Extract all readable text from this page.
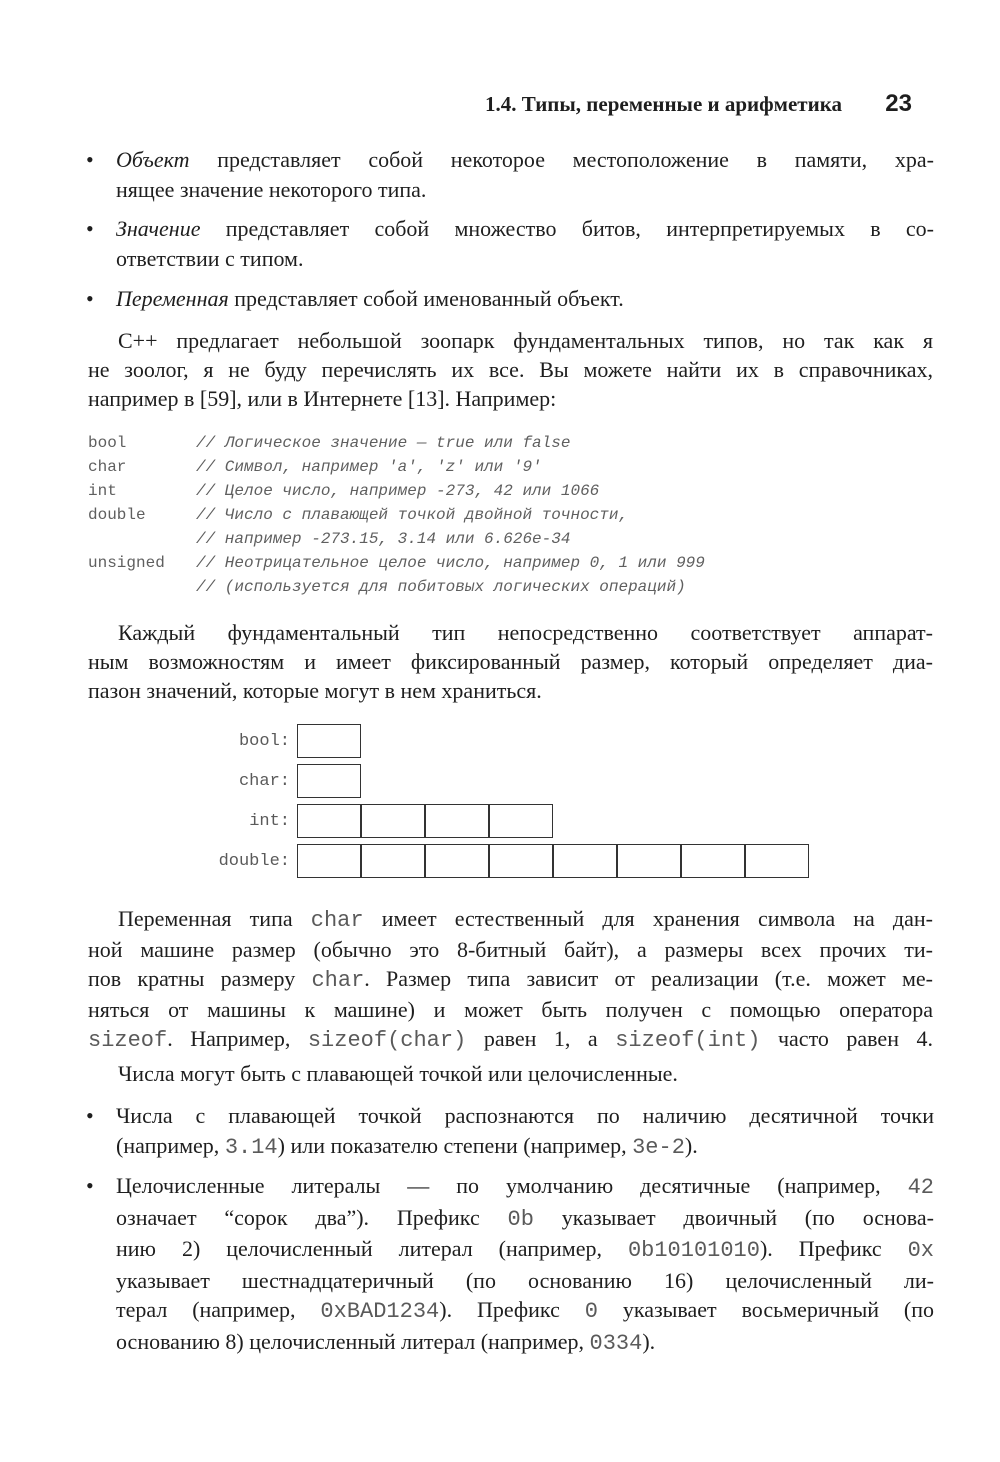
1.4. Типы, переменные и арифметика 23
• Объект представляет собой некоторое местоположение в памяти, хра-
нящее значение некоторого типа.
• Значение представляет собой множество битов, интерпретируемых в со-
ответствии с типом.
• Переменная представляет собой именованный объект.
C++ предлагает небольшой зоопарк фундаментальных типов, но так как я
не зоолог, я не буду перечислять их все. Вы можете найти их в справочниках,
например в [59], или в Интернете [13]. Например:
bool	// Логическое значение — true или false
char	// Символ, например 'a', 'z' или '9'
int	// Целое число, например -273, 42 или 1066
double	// Число с плавающей точкой двойной точности,
// например -273.15, 3.14 или 6.626e-34
unsigned // Неотрицательное целое число, например 0, 1 или 999
// (используется для побитовых логических операций)
Каждый фундаментальный тип непосредственно соответствует аппарат-
ным возможностям и имеет фиксированный размер, который определяет диа-
пазон значений, которые могут в нем храниться.
bool:
char:
int:
double:
Переменная типа char имеет естественный для хранения символа на дан-
ной машине размер (обычно это 8-битный байт), а размеры всех прочих ти-
пов кратны размеру char. Размер типа зависит от реализации (т.е. может ме-
няться от машины к машине) и может быть получен с помощью оператора
sizeof. Например, sizeof(char) равен 1, а sizeof(int) часто равен 4.
Числа могут быть с плавающей точкой или целочисленные.
• Числа с плавающей точкой распознаются по наличию десятичной точки
(например, 3.14) или показателю степени (например, 3e-2).
• Целочисленные литералы — по умолчанию десятичные (например, 42
означает “сорок два”). Префикс 0b указывает двоичный (по основа-
нию 2) целочисленный литерал (например, 0b10101010). Префикс 0x
указывает шестнадцатеричный (по основанию 16) целочисленный ли-
терал (например, 0xBAD1234). Префикс 0 указывает восьмеричный (по
основанию 8) целочисленный литерал (например, 0334).
